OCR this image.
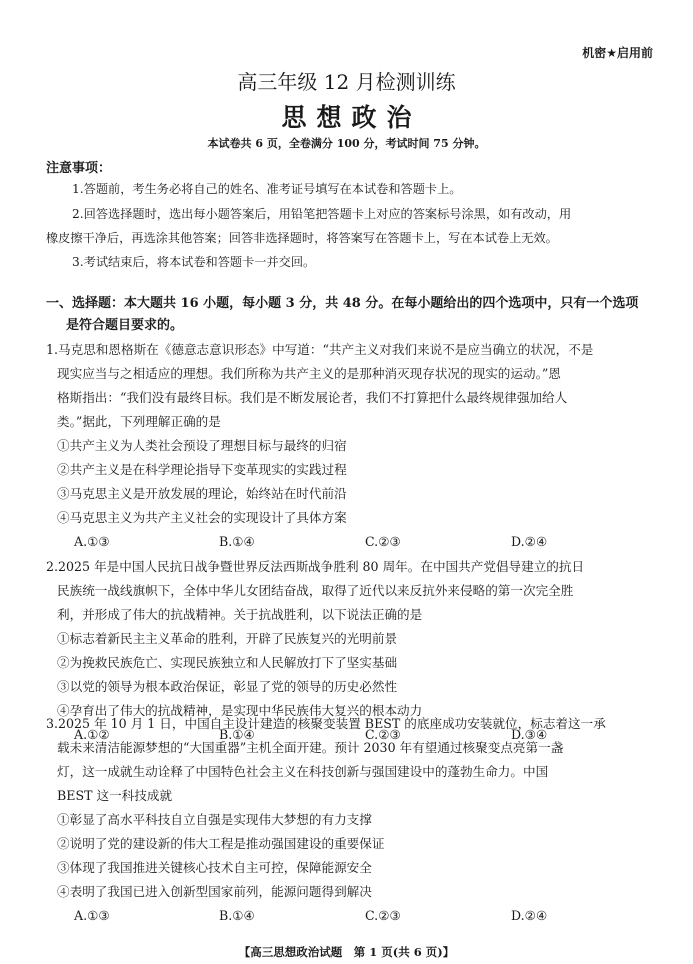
机密★启用前
高三年级 12 月检测训练
思想政治
本试卷共 6 页，全卷满分 100 分，考试时间 75 分钟。
注意事项：
1.答题前，考生务必将自己的姓名、准考证号填写在本试卷和答题卡上。
2.回答选择题时，选出每小题答案后，用铅笔把答题卡上对应的答案标号涂黑，如有改动，用
橡皮擦干净后，再选涂其他答案；回答非选择题时，将答案写在答题卡上，写在本试卷上无效。
3.考试结束后，将本试卷和答题卡一并交回。
一、选择题：本大题共 16 小题，每小题 3 分，共 48 分。在每小题给出的四个选项中，只有一个选项
是符合题目要求的。
1.马克思和恩格斯在《德意志意识形态》中写道：“共产主义对我们来说不是应当确立的状况，不是
现实应当与之相适应的理想。我们所称为共产主义的是那种消灭现存状况的现实的运动。”恩
格斯指出：“我们没有最终目标。我们是不断发展论者，我们不打算把什么最终规律强加给人
类。”据此，下列理解正确的是
①共产主义为人类社会预设了理想目标与最终的归宿
②共产主义是在科学理论指导下变革现实的实践过程
③马克思主义是开放发展的理论，始终站在时代前沿
④马克思主义为共产主义社会的实现设计了具体方案
A.①③	B.①④	C.②③	D.②④
2.2025 年是中国人民抗日战争暨世界反法西斯战争胜利 80 周年。在中国共产党倡导建立的抗日
民族统一战线旗帜下，全体中华儿女团结奋战，取得了近代以来反抗外来侵略的第一次完全胜
利，并形成了伟大的抗战精神。关于抗战胜利，以下说法正确的是
①标志着新民主主义革命的胜利，开辟了民族复兴的光明前景
②为挽救民族危亡、实现民族独立和人民解放打下了坚实基础
③以党的领导为根本政治保证，彰显了党的领导的历史必然性
④孕育出了伟大的抗战精神，是实现中华民族伟大复兴的根本动力
A.①②	B.①④	C.②③	D.③④
3.2025 年 10 月 1 日，中国自主设计建造的核聚变装置 BEST 的底座成功安装就位，标志着这一承
载未来清洁能源梦想的“大国重器”主机全面开建。预计 2030 年有望通过核聚变点亮第一盏
灯，这一成就生动诠释了中国特色社会主义在科技创新与强国建设中的蓬勃生命力。中国
BEST 这一科技成就
①彰显了高水平科技自立自强是实现伟大梦想的有力支撑
②说明了党的建设新的伟大工程是推动强国建设的重要保证
③体现了我国推进关键核心技术自主可控，保障能源安全
④表明了我国已进入创新型国家前列，能源问题得到解决
A.①③	B.①④	C.②③	D.②④
【高三思想政治试题　第 1 页(共 6 页)】
